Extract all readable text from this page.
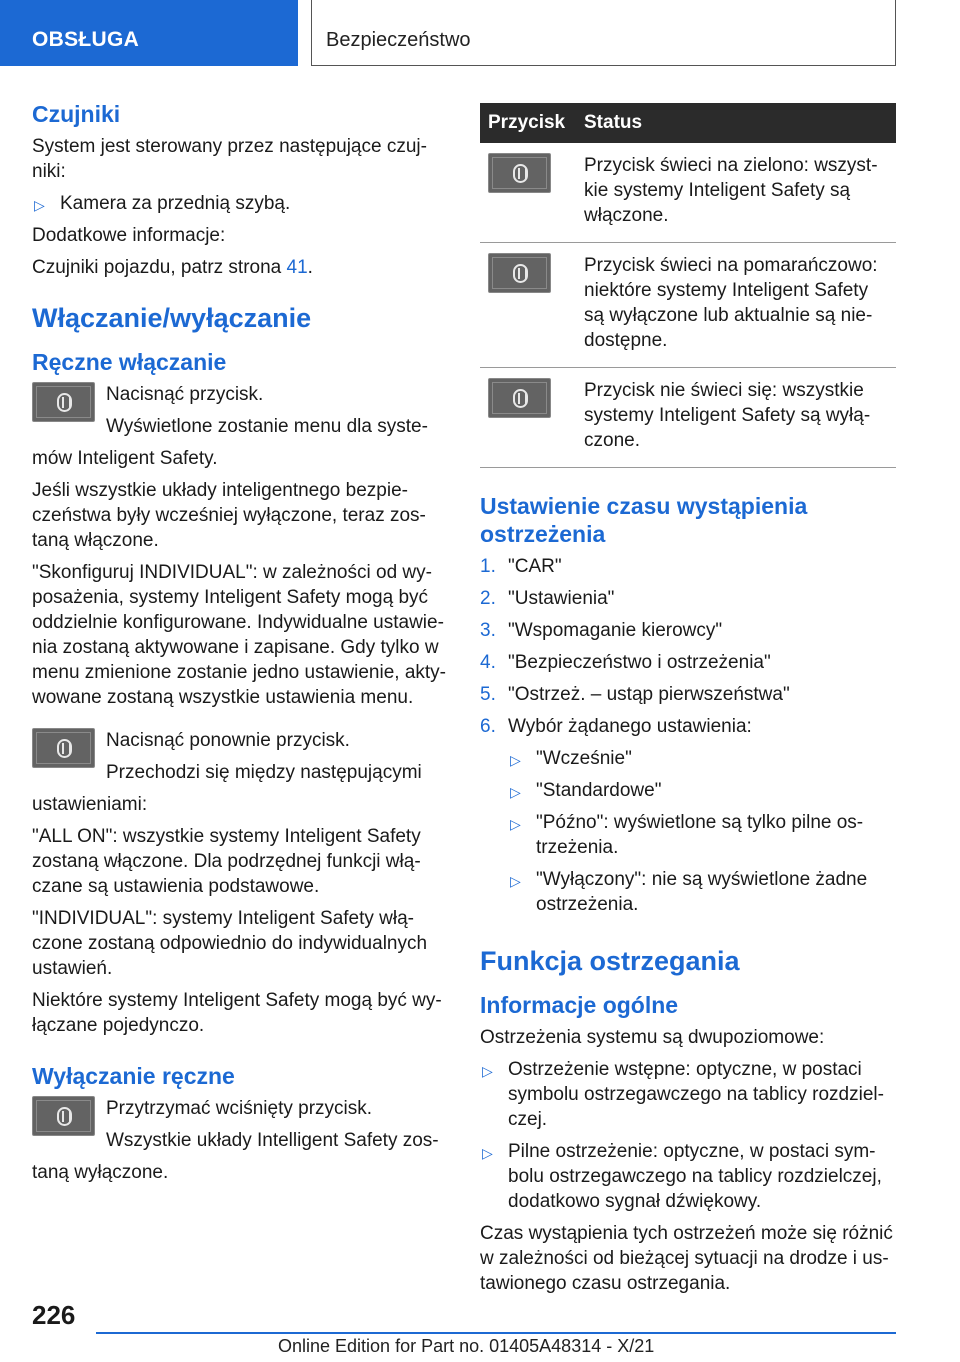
OBSŁUGA	Bezpieczeństwo
Czujniki

System jest sterowany przez następujące czuj-niki:

▷ Kamera za przednią szybą.

Dodatkowe informacje:

Czujniki pojazdu, patrz strona 41.

Włączanie/wyłączanie
Ręczne włączanie

Nacisnąć przycisk.

Wyświetlone zostanie menu dla syste-

mów Inteligent Safety.

Jeśli wszystkie układy inteligentnego bezpie-czeństwa były wcześniej wyłączone, teraz zos-taną włączone.

"Skonfiguruj INDIVIDUAL": w zależności od wy-posażenia, systemy Inteligent Safety mogą być oddzielnie konfigurowane. Indywidualne ustawie-nia zostaną aktywowane i zapisane. Gdy tylko w menu zmienione zostanie jedno ustawienie, akty-wowane zostaną wszystkie ustawienia menu.

Nacisnąć ponownie przycisk.

Przechodzi się między następującymi

ustawieniami:

"ALL ON": wszystkie systemy Inteligent Safety zostaną włączone. Dla podrzędnej funkcji włą-czane są ustawienia podstawowe.

"INDIVIDUAL": systemy Inteligent Safety włą-czone zostaną odpowiednio do indywidualnych ustawień.

Niektóre systemy Inteligent Safety mogą być wy-łączane pojedynczo.

Wyłączanie ręczne

Przytrzymać wciśnięty przycisk.

Wszystkie układy Intelligent Safety zos-

taną wyłączone.

Przycisk	Status

	Przycisk świeci na zielono: wszyst-kie systemy Inteligent Safety są włączone.

	Przycisk świeci na pomarańczowo: niektóre systemy Inteligent Safety są wyłączone lub aktualnie są nie-dostępne.

	Przycisk nie świeci się: wszystkie systemy Inteligent Safety są wyłą-czone.
Ustawienie czasu wystąpienia ostrzeżenia
1. "CAR"
2. "Ustawienia"
3. "Wspomaganie kierowcy"
4. "Bezpieczeństwo i ostrzeżenia"
5. "Ostrzeż. – ustąp pierwszeństwa"
6. Wybór żądanego ustawienia:
▷ "Wcześnie"
▷ "Standardowe"
▷ "Późno": wyświetlone są tylko pilne os-trzeżenia.
▷ "Wyłączony": nie są wyświetlone żadne ostrzeżenia.
Funkcja ostrzegania
Informacje ogólne

Ostrzeżenia systemu są dwupoziomowe:

▷ Ostrzeżenie wstępne: optyczne, w postaci symbolu ostrzegawczego na tablicy rozdziel-czej.
▷ Pilne ostrzeżenie: optyczne, w postaci sym-bolu ostrzegawczego na tablicy rozdzielczej, dodatkowo sygnał dźwiękowy.

Czas wystąpienia tych ostrzeżeń może się różnić w zależności od bieżącej sytuacji na drodze i us-tawionego czasu ostrzegania.

226
Online Edition for Part no. 01405A48314 - X/21
